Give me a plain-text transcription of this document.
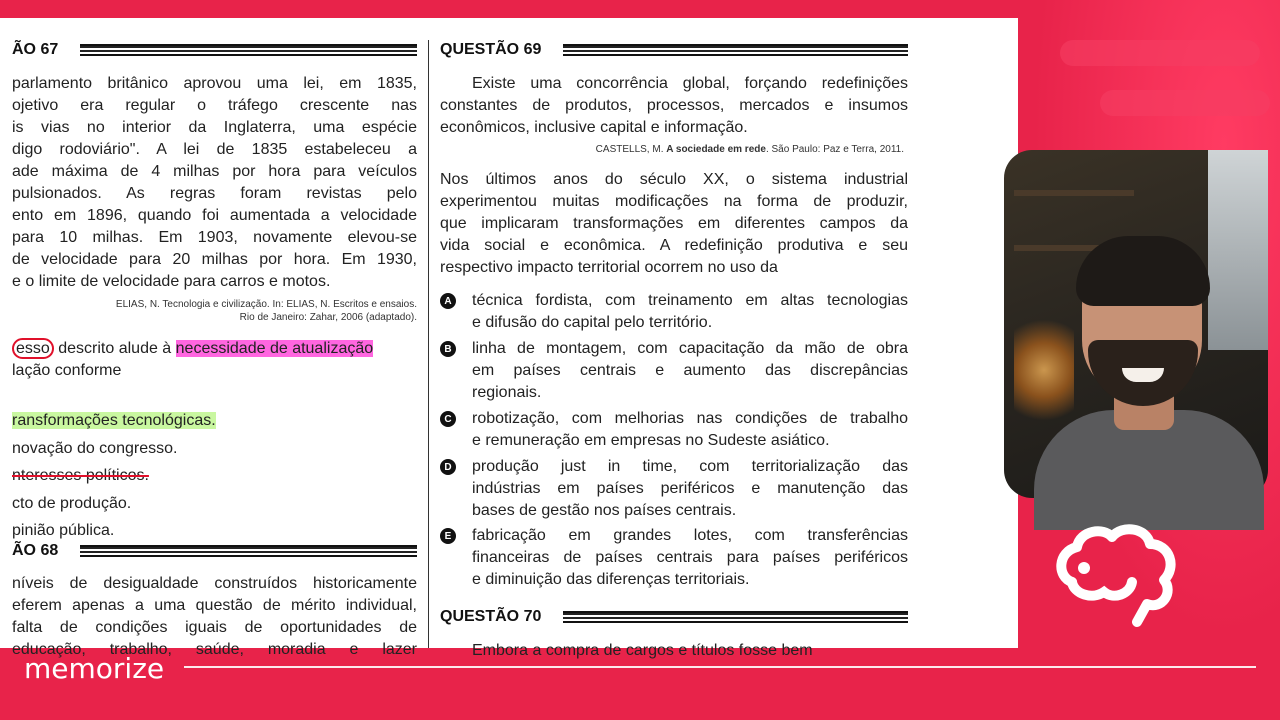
ÃO 67
parlamento britânico aprovou uma lei, em 1835,
ojetivo era regular o tráfego crescente nas
is vias no interior da Inglaterra, uma espécie
digo rodoviário". A lei de 1835 estabeleceu a
ade máxima de 4 milhas por hora para veículos
pulsionados. As regras foram revistas pelo
ento em 1896, quando foi aumentada a velocidade
para 10 milhas. Em 1903, novamente elevou-se
de velocidade para 20 milhas por hora. Em 1930,
e o limite de velocidade para carros e motos.
ELIAS, N. Tecnologia e civilização. In: ELIAS, N. Escritos e ensaios.
Rio de Janeiro: Zahar, 2006 (adaptado).
esso descrito alude à necessidade de atualização
lação conforme
ransformações tecnológicas.
novação do congresso.
nteresses políticos.
cto de produção.
pinião pública.
ÃO 68
níveis de desigualdade construídos historicamente
eferem apenas a uma questão de mérito individual,
falta de condições iguais de oportunidades de
educação, trabalho, saúde, moradia e lazer
QUESTÃO 69
Existe uma concorrência global, forçando redefinições
constantes de produtos, processos, mercados e insumos
econômicos, inclusive capital e informação.
CASTELLS, M. A sociedade em rede. São Paulo: Paz e Terra, 2011.
Nos últimos anos do século XX, o sistema industrial
experimentou muitas modificações na forma de produzir,
que implicaram transformações em diferentes campos da
vida social e econômica. A redefinição produtiva e seu
respectivo impacto territorial ocorrem no uso da
A técnica fordista, com treinamento em altas tecnologias
e difusão do capital pelo território.
B linha de montagem, com capacitação da mão de obra
em países centrais e aumento das discrepâncias
regionais.
C robotização, com melhorias nas condições de trabalho
e remuneração em empresas no Sudeste asiático.
D produção just in time, com territorialização das
indústrias em países periféricos e manutenção das
bases de gestão nos países centrais.
E fabricação em grandes lotes, com transferências
financeiras de países centrais para países periféricos
e diminuição das diferenças territoriais.
QUESTÃO 70
Embora a compra de cargos e títulos fosse bem
memorize
